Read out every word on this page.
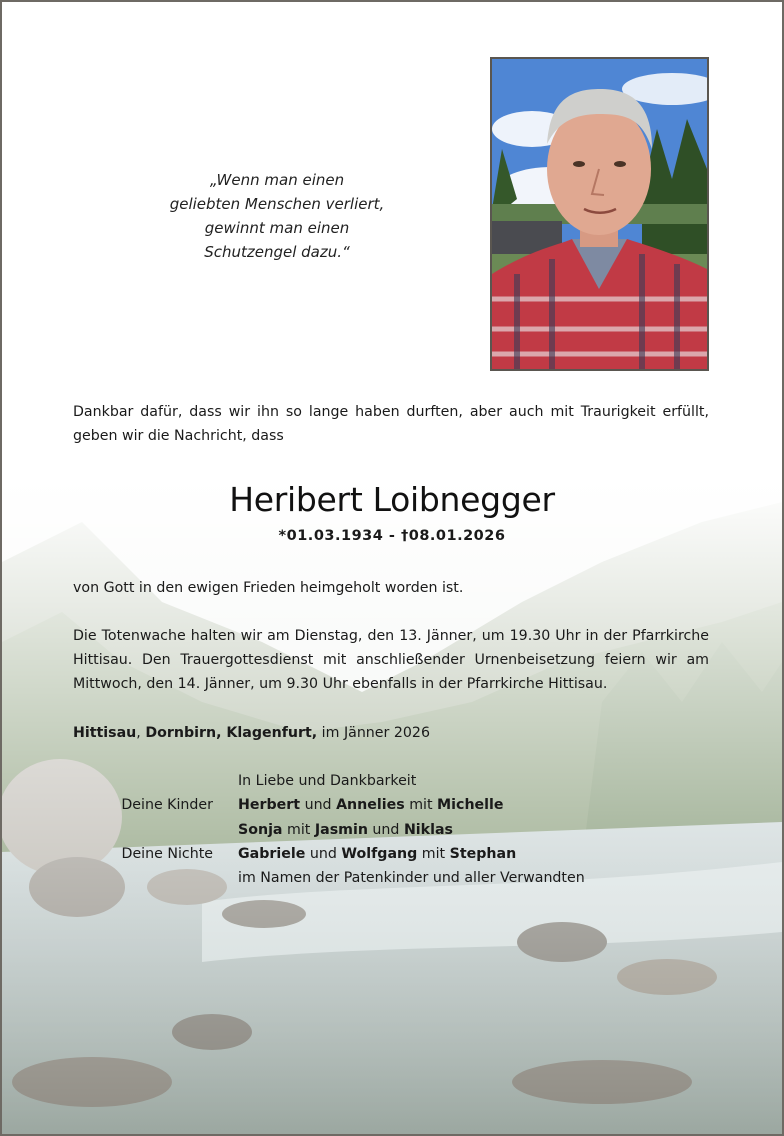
„Wenn man einen
geliebten Menschen verliert,
gewinnt man einen
Schutzengel dazu.“
Dankbar dafür, dass wir ihn so lange haben durften, aber auch mit Traurigkeit erfüllt, geben wir die Nachricht, dass
Heribert Loibnegger
*01.03.1934 - †08.01.2026
von Gott in den ewigen Frieden heimgeholt worden ist.
Die Totenwache halten wir am Dienstag, den 13. Jänner, um 19.30 Uhr in der Pfarrkirche Hittisau. Den Trauergottesdienst mit anschließender Urnenbeisetzung feiern wir am Mittwoch, den 14. Jänner, um 9.30 Uhr ebenfalls in der Pfarrkirche Hittisau.
Hittisau, Dornbirn, Klagenfurt, im Jänner 2026
In Liebe und Dankbarkeit
Deine Kinder	Herbert und Annelies mit Michelle
Sonja mit Jasmin und Niklas
Deine Nichte	Gabriele und Wolfgang mit Stephan
im Namen der Patenkinder und aller Verwandten
